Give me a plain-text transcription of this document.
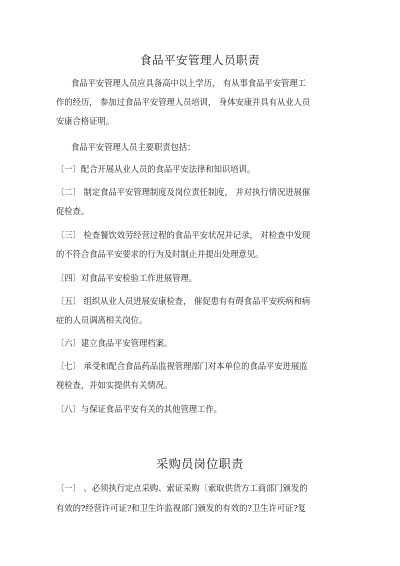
食品平安管理人员职责
食品平安管理人员应具备高中以上学历， 有从事食品平安管理工
作的经历， 参加过食品平安管理人员培训， 身体安康并具有从业人员
安康合格证明。
食品平安管理人员主要职责包括：
〔一〕配合开展从业人员的食品平安法律和知识培训。
〔二〕 制定食品平安管理制度及岗位责任制度， 并对执行情况进展催
促检查。
〔三〕 检查餐饮效劳经营过程的食品平安状况并记录， 对检查中发现
的不符合食品平安要求的行为及时制止并提出处理意见。
〔四〕对食品平安检验工作进展管理。
〔五〕 组织从业人员进展安康检查， 催促患有有碍食品平安疾病和病
症的人员调离相关岗位。
〔六〕建立食品平安管理档案。
〔七〕 承受和配合食品药品监视管理部门对本单位的食品平安进展监
视检查，并如实提供有关情况。
〔八〕与保证食品平安有关的其他管理工作。
采购员岗位职责
〔一〕 、必须执行定点采购、索证采购〔索取供货方工商部门颁发的
有效的?经营许可证?和卫生许监视部门颁发的有效的?卫生许可证?复
